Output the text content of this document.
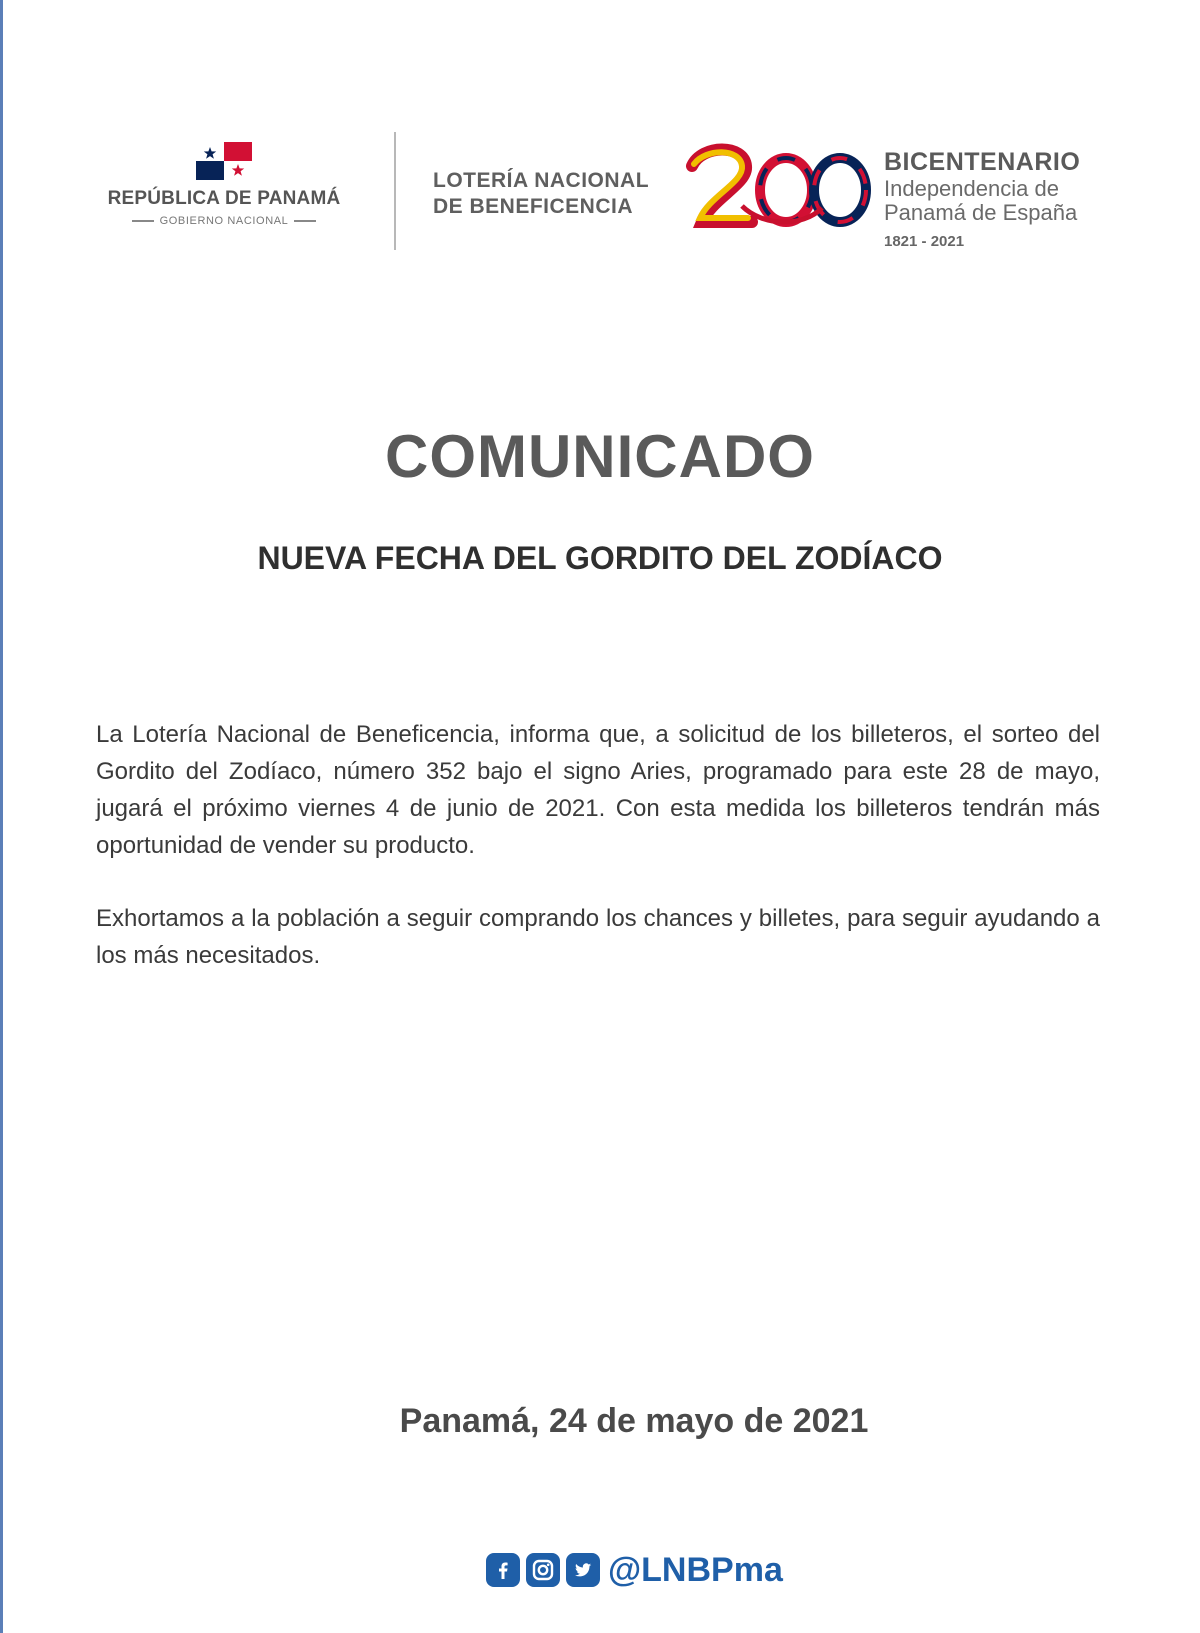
REPÚBLICA DE PANAMÁ
GOBIERNO NACIONAL
LOTERÍA NACIONAL
DE BENEFICENCIA
BICENTENARIO
Independencia de
Panamá de España
1821 - 2021
COMUNICADO
NUEVA FECHA DEL GORDITO DEL ZODÍACO

La Lotería Nacional de Beneficencia, informa que, a solicitud de los billeteros, el sorteo del Gordito del Zodíaco, número 352 bajo el signo Aries, programado para este 28 de mayo, jugará el próximo viernes 4 de junio de 2021. Con esta medida los billeteros tendrán más oportunidad de vender su producto.

Exhortamos a la población a seguir comprando los chances y billetes, para seguir ayudando a los más necesitados.

Panamá, 24 de mayo de 2021
@LNBPma
